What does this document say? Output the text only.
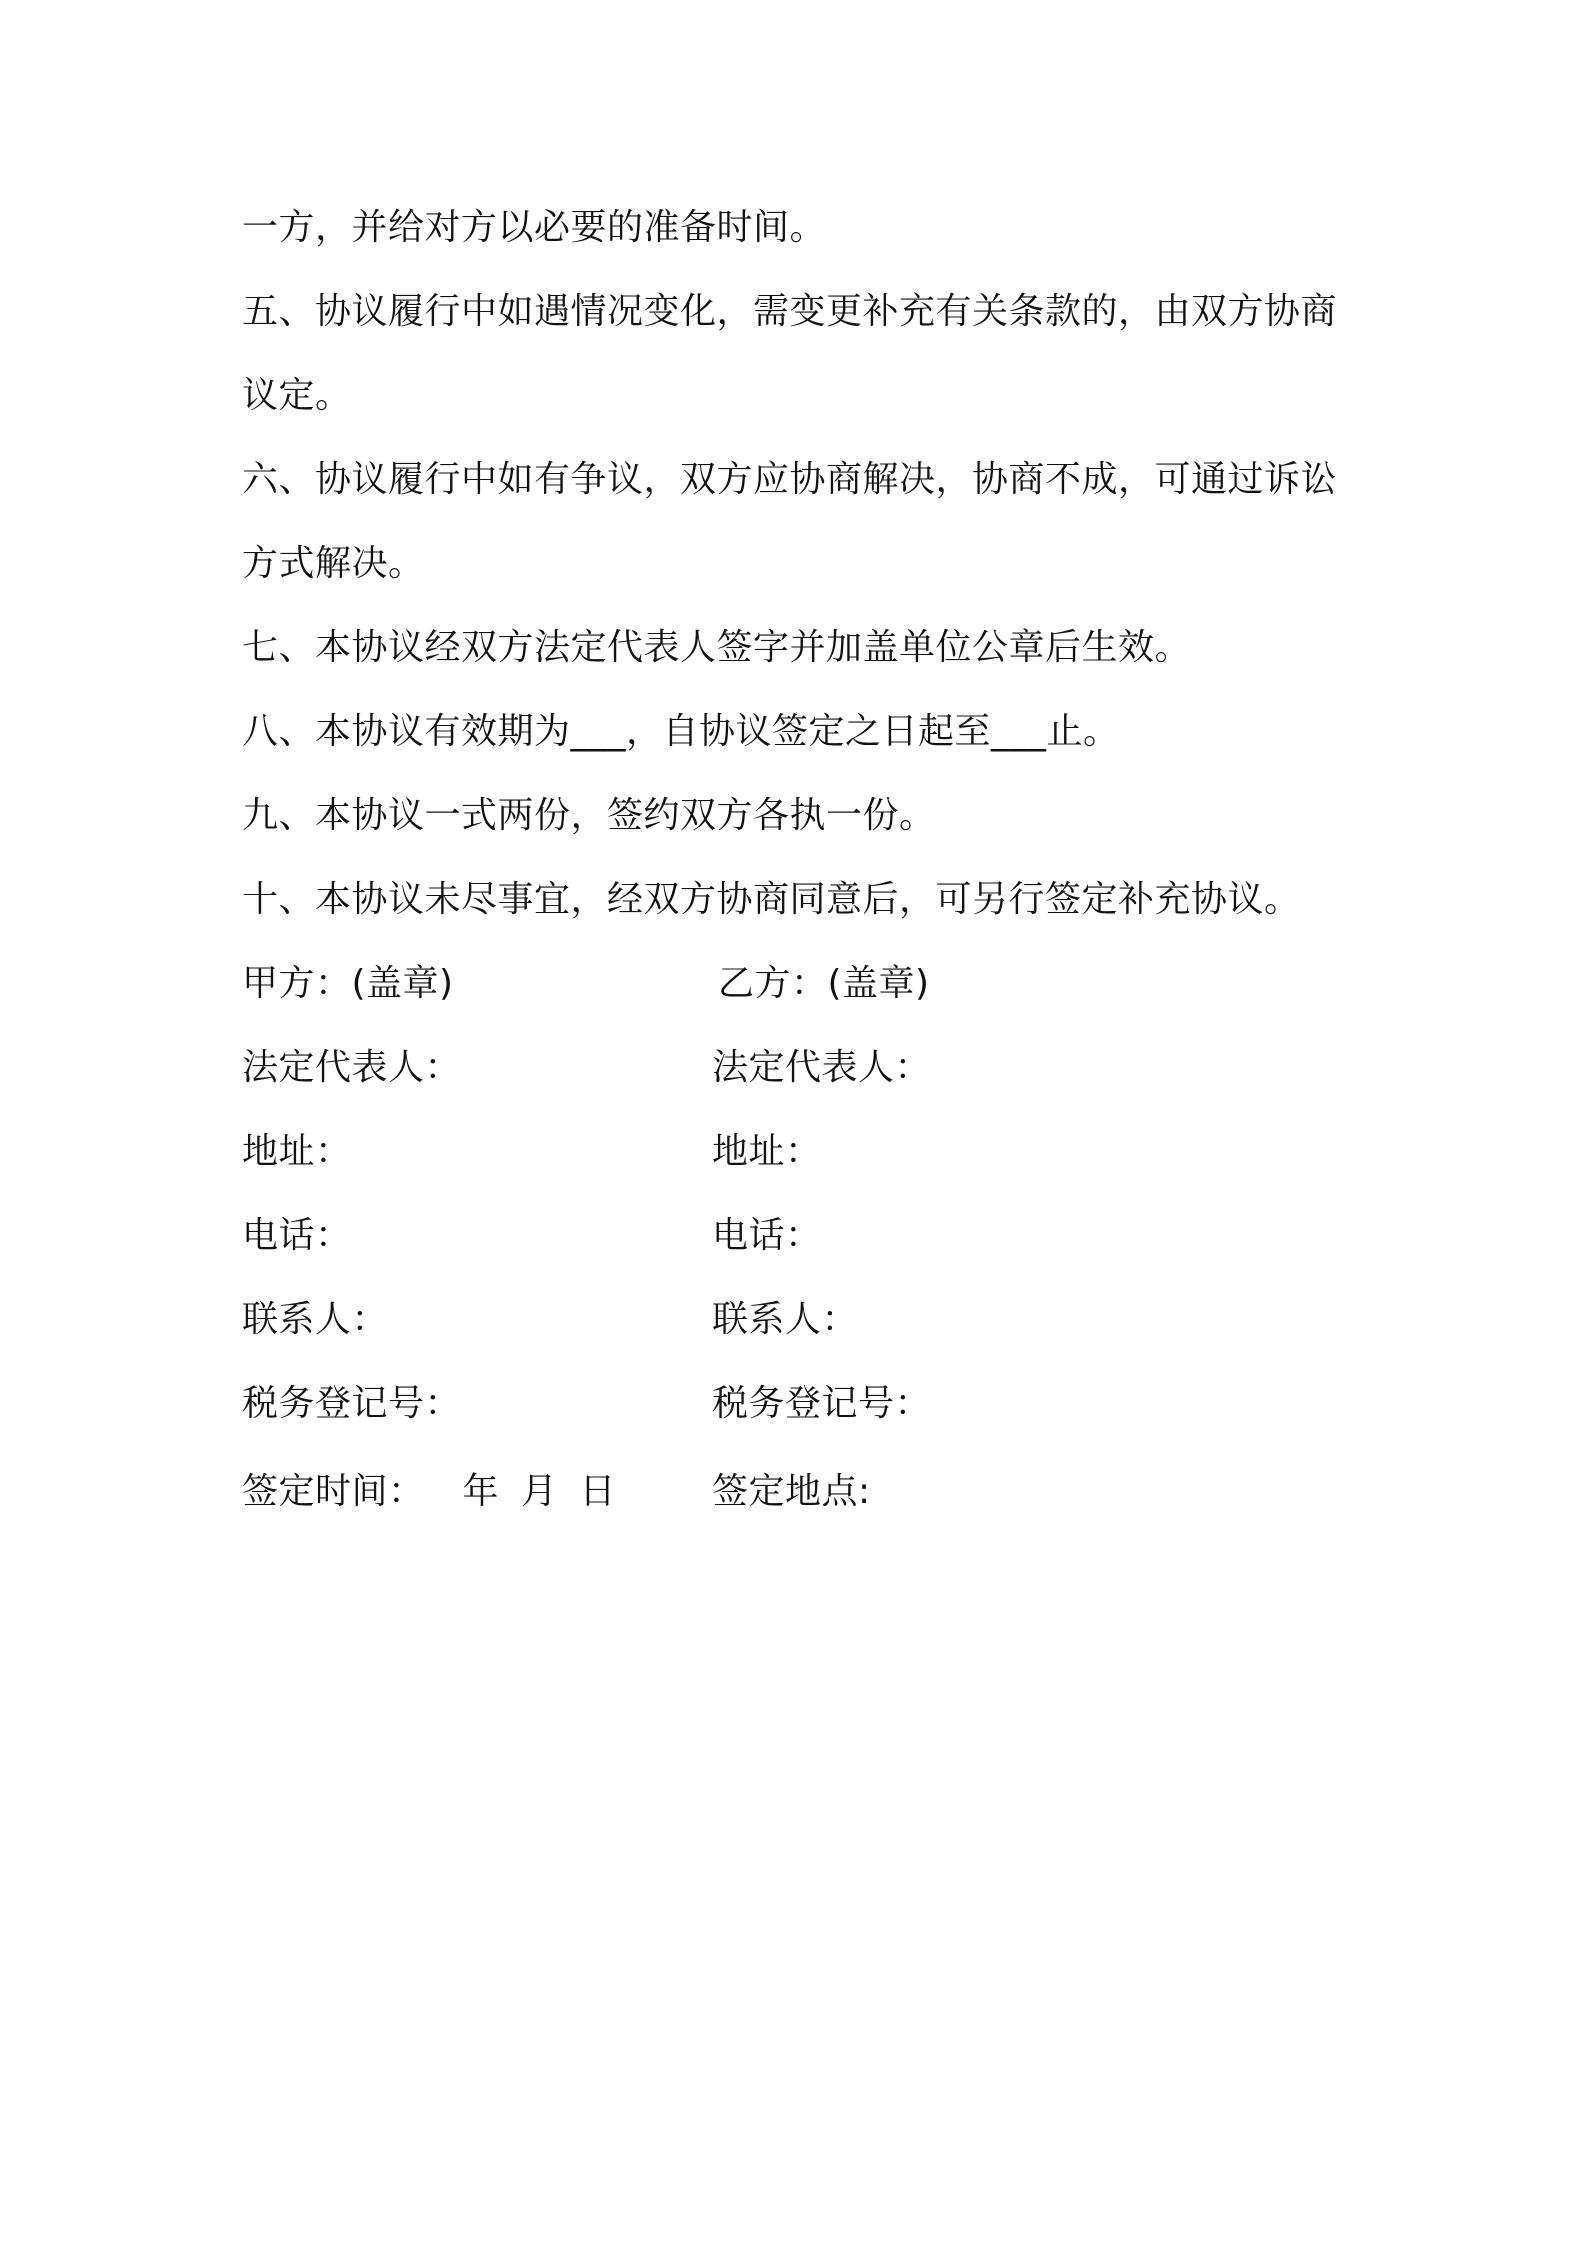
一方，并给对方以必要的准备时间。
五、协议履行中如遇情况变化，需变更补充有关条款的，由双方协商
议定。
六、协议履行中如有争议，双方应协商解决，协商不成，可通过诉讼
方式解决。
七、本协议经双方法定代表人签字并加盖单位公章后生效。
八、本协议有效期为___，自协议签定之日起至___止。
九、本协议一式两份，签约双方各执一份。
十、本协议未尽事宜，经双方协商同意后，可另行签定补充协议。
甲方：(盖章)	乙方：(盖章)
法定代表人：	法定代表人：
地址：	地址：
电话：	电话：
联系人：	联系人：
税务登记号：	税务登记号：
签定时间： 年 月 日	签定地点:
